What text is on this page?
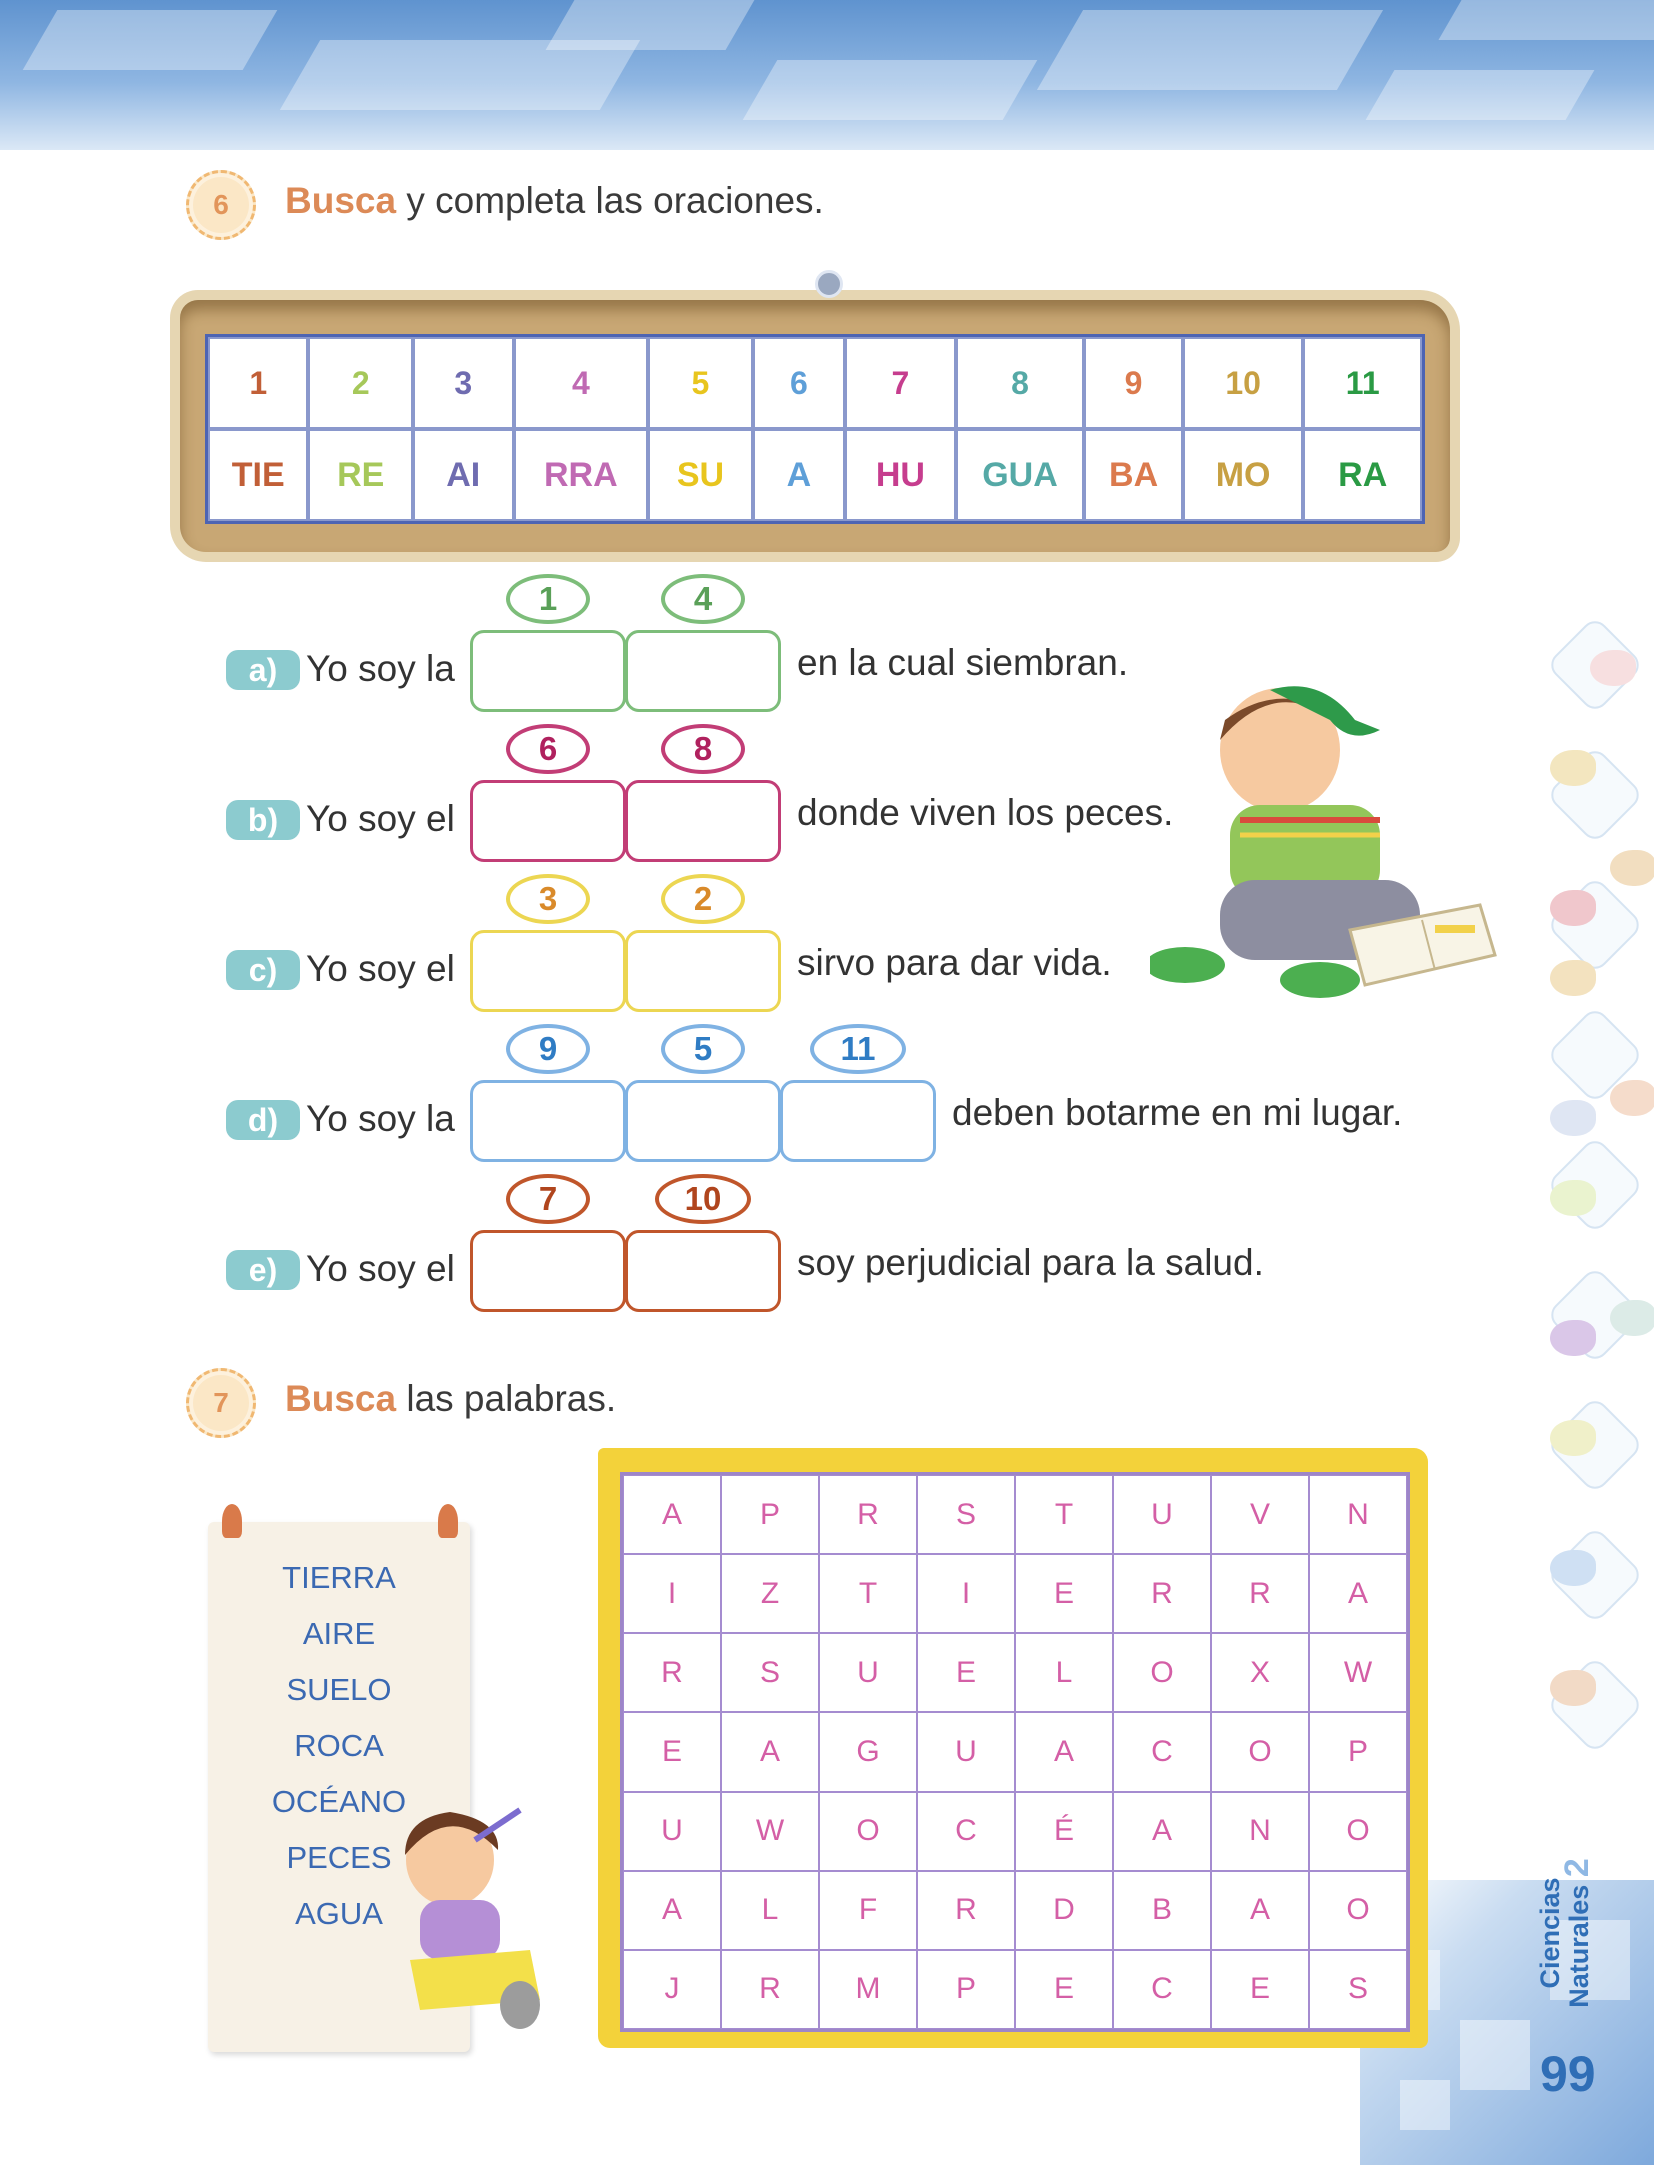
Ciencias Naturales 2
99
6 Busca y completa las oraciones.
1	2	3	4	5	6	7	8	9	10	11
TIE	RE	AI	RRA	SU	A	HU	GUA	BA	MO	RA
1	4
a) Yo soy la	en la cual siembran.
6	8
b) Yo soy el	donde viven los peces.
3	2
c) Yo soy el	sirvo para dar vida.
9	5	11
d) Yo soy la	deben botarme en mi lugar.
7	10
e) Yo soy el	soy perjudicial para la salud.
7 Busca las palabras.
TIERRA
AIRE
SUELO
ROCA
OCÉANO
PECES
AGUA
A	P	R	S	T	U	V	N
I	Z	T	I	E	R	R	A
R	S	U	E	L	O	X	W
E	A	G	U	A	C	O	P
U	W	O	C	É	A	N	O
A	L	F	R	D	B	A	O
J	R	M	P	E	C	E	S
